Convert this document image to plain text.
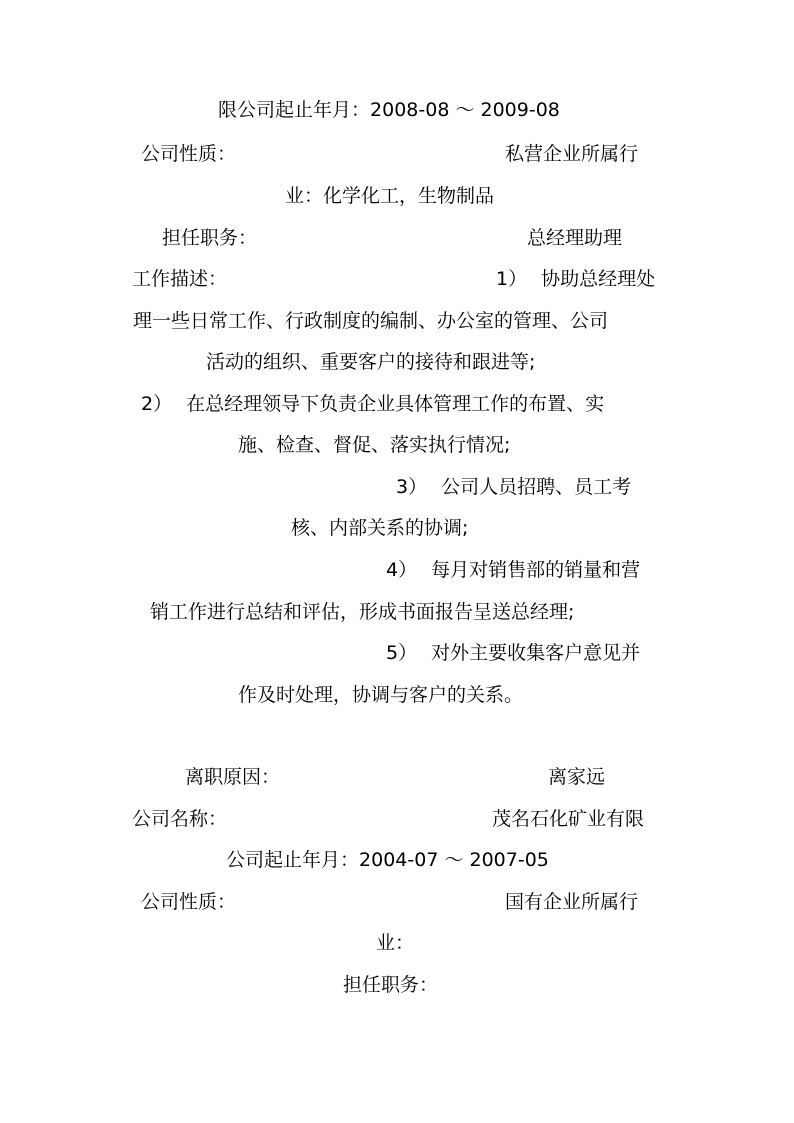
限公司起止年月：2008-08 ～ 2009-08
公司性质：	私营企业所属行
业：化学化工，生物制品
担任职务：	总经理助理
工作描述：	1） 协助总经理处
理一些日常工作、行政制度的编制、办公室的管理、公司
活动的组织、重要客户的接待和跟进等;
2） 在总经理领导下负责企业具体管理工作的布置、实
施、检查、督促、落实执行情况;
3） 公司人员招聘、员工考
核、内部关系的协调;
4） 每月对销售部的销量和营
销工作进行总结和评估，形成书面报告呈送总经理;
5） 对外主要收集客户意见并
作及时处理，协调与客户的关系。
离职原因：	离家远
公司名称：	茂名石化矿业有限
公司起止年月：2004-07 ～ 2007-05
公司性质：	国有企业所属行
业：
担任职务：
